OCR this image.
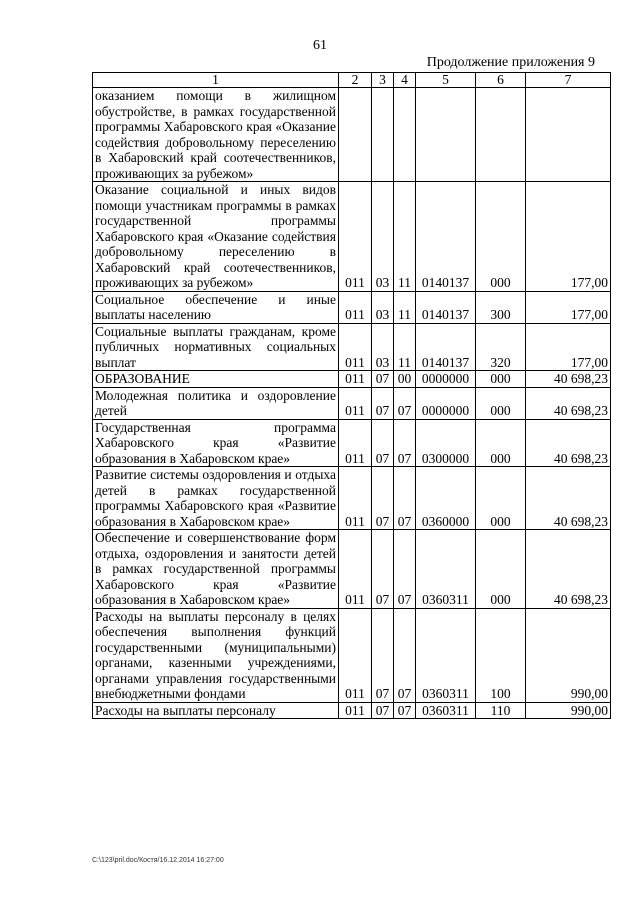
61
Продолжение приложения 9
1	2	3	4	5	6	7
оказанием помощи в жилищном обустройстве, в рамках государственной программы Хабаровского края «Оказание содействия добровольному переселению в Хабаровский край соотечественников, проживающих за рубежом»						
Оказание социальной и иных видов помощи участникам программы в рамках государственной программы Хабаровского края «Оказание содействия добровольному переселению в Хабаровский край соотечественников, проживающих за рубежом»	011	03	11	0140137	000	177,00
Социальное обеспечение и иные выплаты населению	011	03	11	0140137	300	177,00
Социальные выплаты гражданам, кроме публичных нормативных социальных выплат	011	03	11	0140137	320	177,00
ОБРАЗОВАНИЕ	011	07	00	0000000	000	40 698,23
Молодежная политика и оздоровление детей	011	07	07	0000000	000	40 698,23
Государственная программа Хабаровского края «Развитие образования в Хабаровском крае»	011	07	07	0300000	000	40 698,23
Развитие системы оздоровления и отдыха детей в рамках государственной программы Хабаровского края «Развитие образования в Хабаровском крае»	011	07	07	0360000	000	40 698,23
Обеспечение и совершенствование форм отдыха, оздоровления и занятости детей в рамках государственной программы Хабаровского края «Развитие образования в Хабаровском крае»	011	07	07	0360311	000	40 698,23
Расходы на выплаты персоналу в целях обеспечения выполнения функций государственными (муниципальными) органами, казенными учреждениями, органами управления государственными внебюджетными фондами	011	07	07	0360311	100	990,00
Расходы на выплаты персоналу	011	07	07	0360311	110	990,00
C:\123\pril.doc/Костя/16.12.2014 16:27:00
